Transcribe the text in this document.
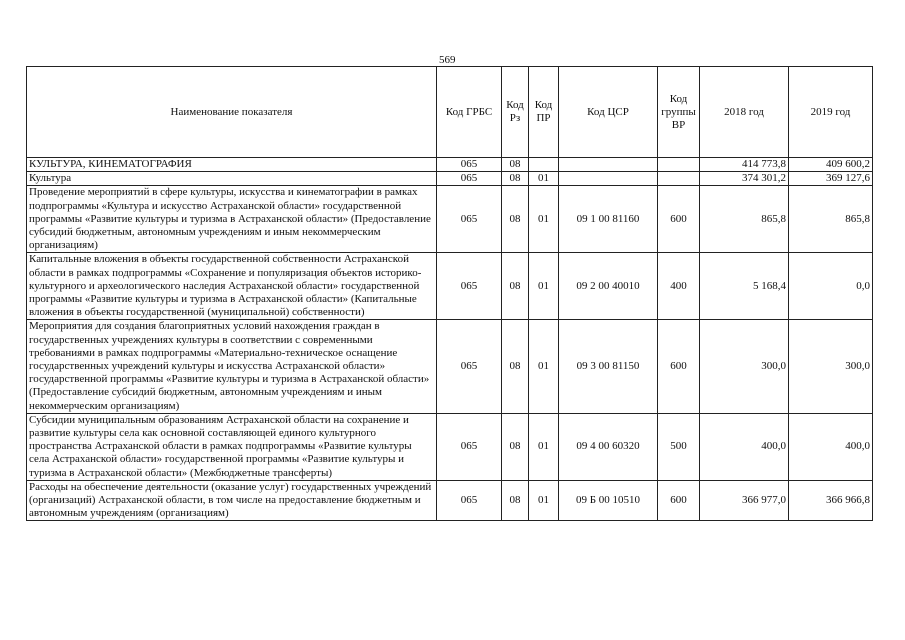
569
Наименование показателя	Код ГРБС	Код Рз	Код ПР	Код ЦСР	Код группы ВР	2018 год	2019 год
КУЛЬТУРА, КИНЕМАТОГРАФИЯ	065	08				414 773,8	409 600,2
Культура	065	08	01			374 301,2	369 127,6
Проведение мероприятий в сфере культуры, искусства и кинематографии в рамках подпрограммы «Культура и искусство Астраханской области» государственной программы «Развитие культуры и туризма в Астраханской области» (Предоставление субсидий бюджетным, автономным учреждениям и иным некоммерческим организациям)	065	08	01	09 1 00 81160	600	865,8	865,8
Капитальные вложения в объекты государственной собственности Астраханской области в рамках подпрограммы «Сохранение и популяризация объектов историко-культурного и археологического наследия Астраханской области» государственной программы «Развитие культуры и туризма в Астраханской области» (Капитальные вложения в объекты государственной (муниципальной) собственности)	065	08	01	09 2 00 40010	400	5 168,4	0,0
Мероприятия для создания благоприятных условий нахождения граждан в государственных учреждениях культуры в соответствии с современными требованиями в рамках подпрограммы «Материально-техническое оснащение государственных учреждений культуры и искусства Астраханской области» государственной программы «Развитие культуры и туризма в Астраханской области» (Предоставление субсидий бюджетным, автономным учреждениям и иным некоммерческим организациям)	065	08	01	09 3 00 81150	600	300,0	300,0
Субсидии муниципальным образованиям Астраханской области на сохранение и развитие культуры села как основной составляющей единого культурного пространства Астраханской области в рамках подпрограммы «Развитие культуры села Астраханской области» государственной программы «Развитие культуры и туризма в Астраханской области» (Межбюджетные трансферты)	065	08	01	09 4 00 60320	500	400,0	400,0
Расходы на обеспечение деятельности (оказание услуг) государственных учреждений (организаций) Астраханской области, в том числе на предоставление бюджетным и автономным учреждениям (организациям)	065	08	01	09 Б 00 10510	600	366 977,0	366 966,8
